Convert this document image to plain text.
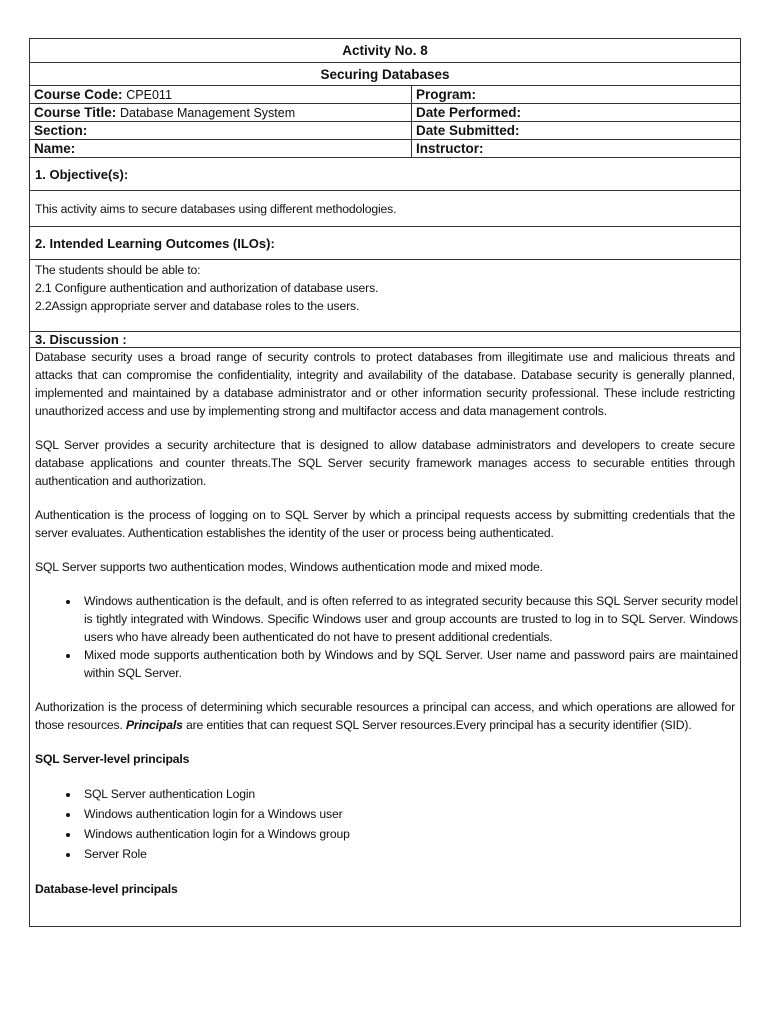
Activity No. 8
Securing Databases
Course Code: CPE011	Program:
Course Title: Database Management System	Date Performed:
Section:	Date Submitted:
Name:	Instructor:
1. Objective(s):
This activity aims to secure databases using different methodologies.
2. Intended Learning Outcomes (ILOs):
The students should be able to:
2.1 Configure authentication and authorization of database users.
2.2Assign appropriate server and database roles to the users.
3. Discussion :

Database security uses a broad range of security controls to protect databases from illegitimate use and malicious threats and attacks that can compromise the confidentiality, integrity and availability of the database. Database security is generally planned, implemented and maintained by a database administrator and or other information security professional. These include restricting unauthorized access and use by implementing strong and multifactor access and data management controls.

SQL Server provides a security architecture that is designed to allow database administrators and developers to create secure database applications and counter threats.The SQL Server security framework manages access to securable entities through authentication and authorization.

Authentication is the process of logging on to SQL Server by which a principal requests access by submitting credentials that the server evaluates. Authentication establishes the identity of the user or process being authenticated.

SQL Server supports two authentication modes, Windows authentication mode and mixed mode.

• Windows authentication is the default, and is often referred to as integrated security because this SQL Server security model is tightly integrated with Windows. Specific Windows user and group accounts are trusted to log in to SQL Server. Windows users who have already been authenticated do not have to present additional credentials.
• Mixed mode supports authentication both by Windows and by SQL Server. User name and password pairs are maintained within SQL Server.

Authorization is the process of determining which securable resources a principal can access, and which operations are allowed for those resources. Principals are entities that can request SQL Server resources.Every principal has a security identifier (SID).

SQL Server-level principals

• SQL Server authentication Login
• Windows authentication login for a Windows user
• Windows authentication login for a Windows group
• Server Role

Database-level principals
